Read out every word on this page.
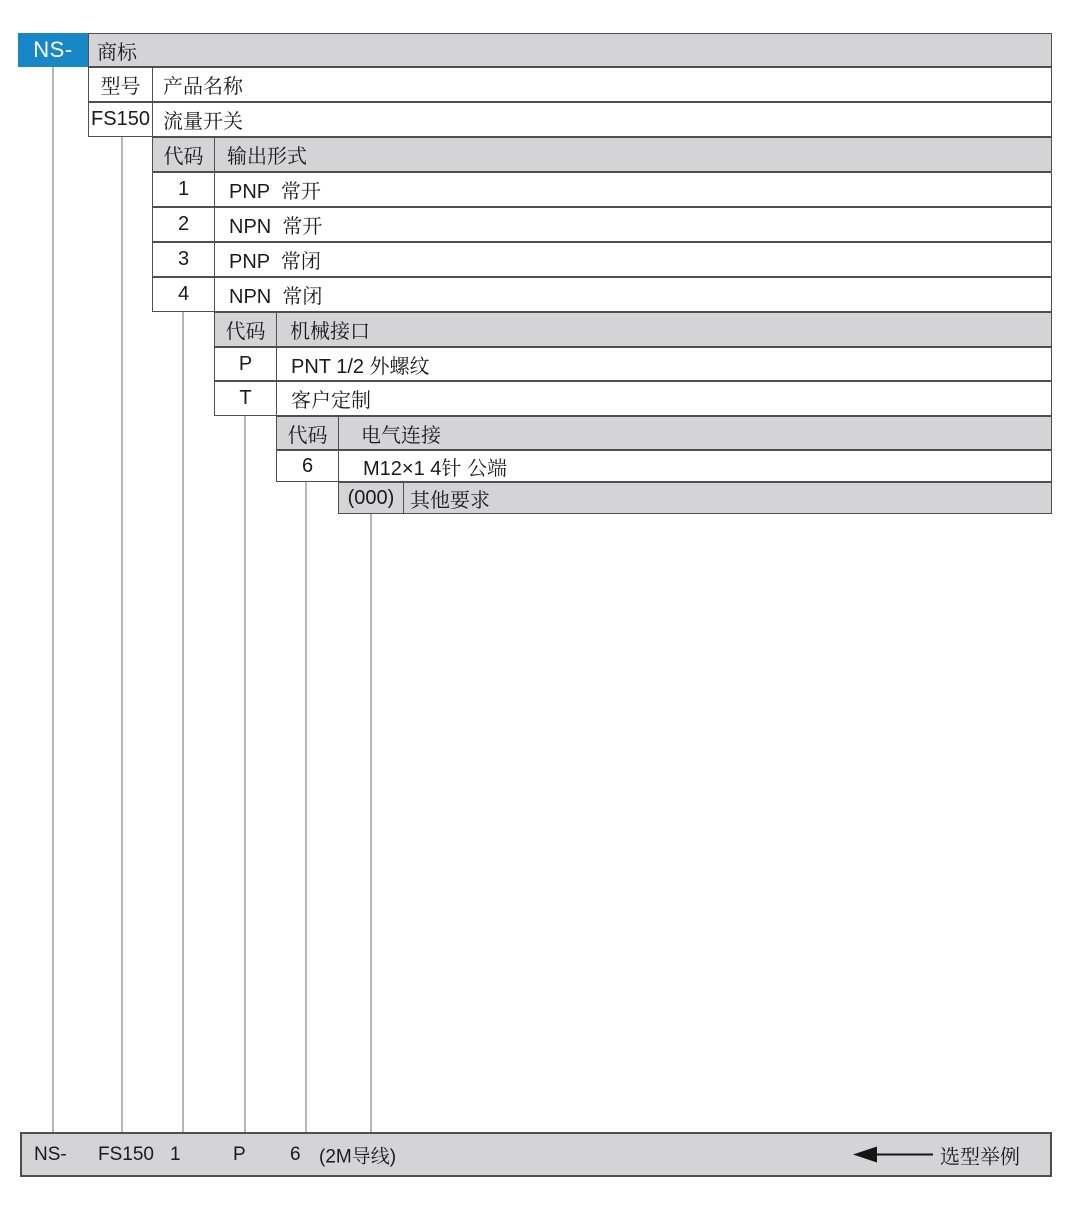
NS-	商标
型号	产品名称
FS150 流量开关
代码	输出形式
1	PNP  常开
2	NPN  常开
3	PNP  常闭
4	NPN  常闭
代码	机械接口
P	PNT 1/2 外螺纹
T	客户定制
代码	电气连接
6	M12×1 4针 公端
(000) 其他要求
NS- FS150 1	P 6 (2M导线)	选型举例
